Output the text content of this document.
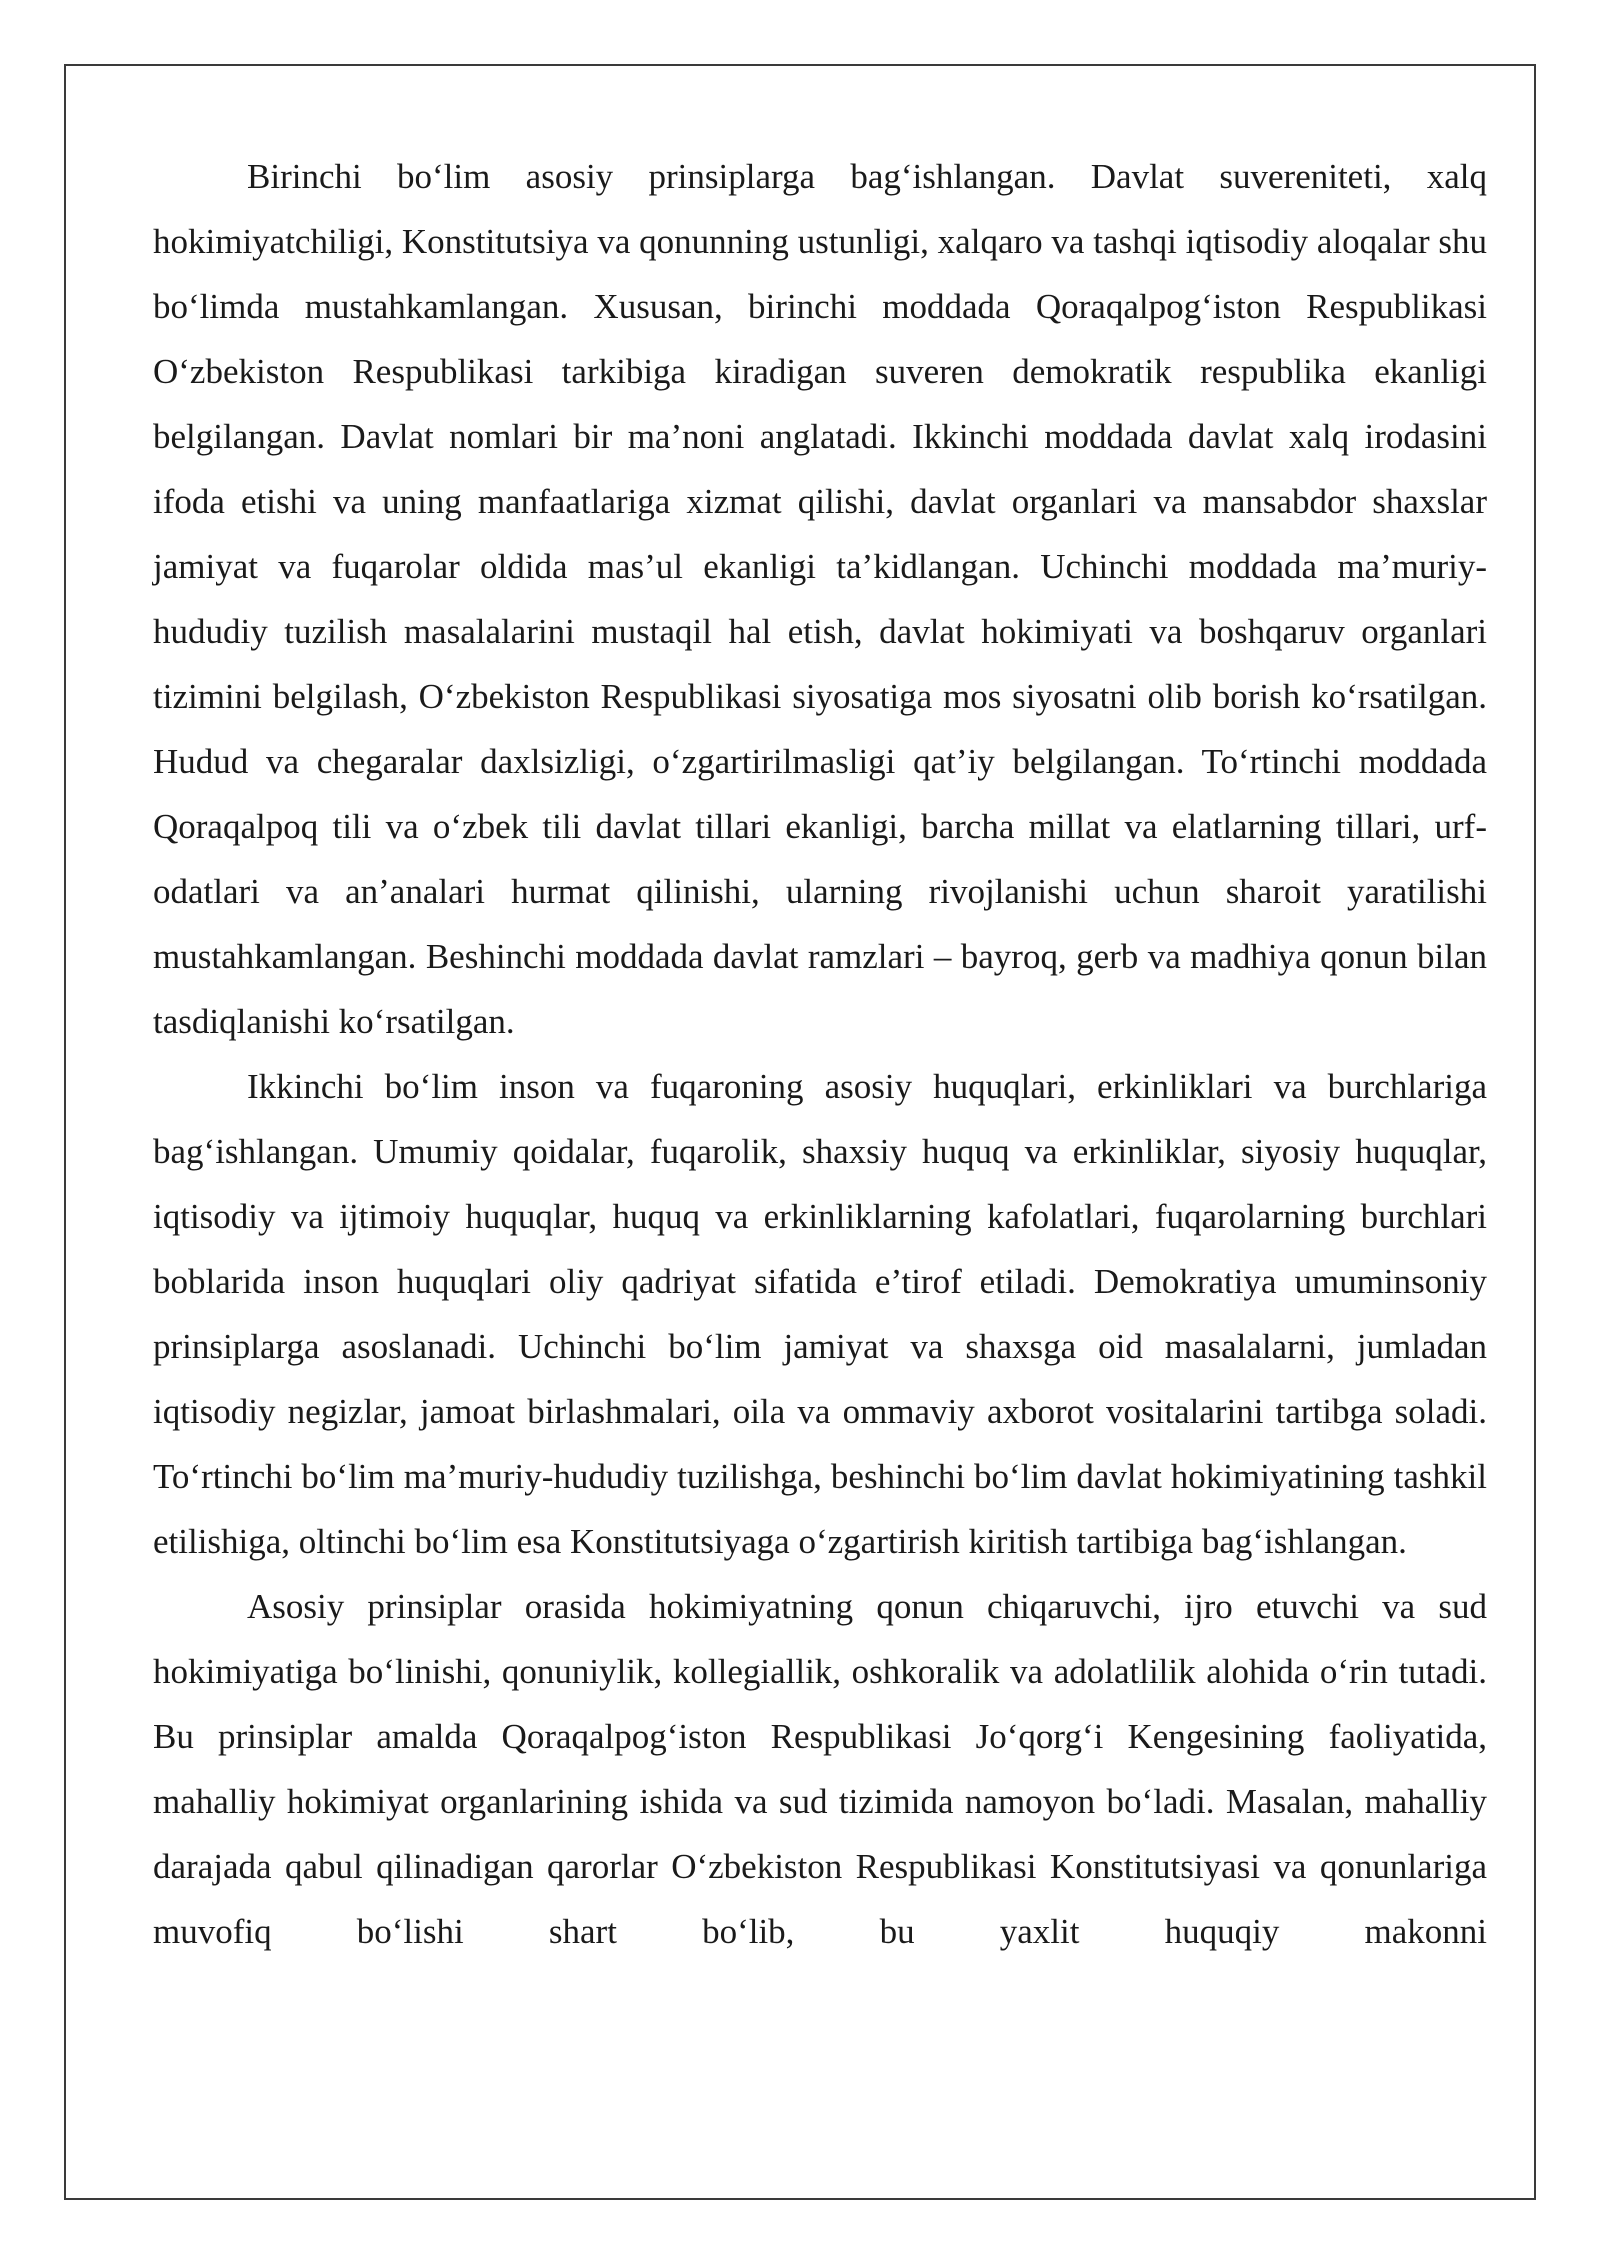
Birinchi bo‘lim asosiy prinsiplarga bag‘ishlangan. Davlat suvereniteti, xalq hokimiyatchiligi, Konstitutsiya va qonunning ustunligi, xalqaro va tashqi iqtisodiy aloqalar shu bo‘limda mustahkamlangan. Xususan, birinchi moddada Qoraqalpog‘iston Respublikasi O‘zbekiston Respublikasi tarkibiga kiradigan suveren demokratik respublika ekanligi belgilangan. Davlat nomlari bir ma’noni anglatadi. Ikkinchi moddada davlat xalq irodasini ifoda etishi va uning manfaatlariga xizmat qilishi, davlat organlari va mansabdor shaxslar jamiyat va fuqarolar oldida mas’ul ekanligi ta’kidlangan. Uchinchi moddada ma’muriy-hududiy tuzilish masalalarini mustaqil hal etish, davlat hokimiyati va boshqaruv organlari tizimini belgilash, O‘zbekiston Respublikasi siyosatiga mos siyosatni olib borish ko‘rsatilgan. Hudud va chegaralar daxlsizligi, o‘zgartirilmasligi qat’iy belgilangan. To‘rtinchi moddada Qoraqalpoq tili va o‘zbek tili davlat tillari ekanligi, barcha millat va elatlarning tillari, urf-odatlari va an’analari hurmat qilinishi, ularning rivojlanishi uchun sharoit yaratilishi mustahkamlangan. Beshinchi moddada davlat ramzlari – bayroq, gerb va madhiya qonun bilan tasdiqlanishi ko‘rsatilgan.

Ikkinchi bo‘lim inson va fuqaroning asosiy huquqlari, erkinliklari va burchlariga bag‘ishlangan. Umumiy qoidalar, fuqarolik, shaxsiy huquq va erkinliklar, siyosiy huquqlar, iqtisodiy va ijtimoiy huquqlar, huquq va erkinliklarning kafolatlari, fuqarolarning burchlari boblarida inson huquqlari oliy qadriyat sifatida e’tirof etiladi. Demokratiya umuminsoniy prinsiplarga asoslanadi. Uchinchi bo‘lim jamiyat va shaxsga oid masalalarni, jumladan iqtisodiy negizlar, jamoat birlashmalari, oila va ommaviy axborot vositalarini tartibga soladi. To‘rtinchi bo‘lim ma’muriy-hududiy tuzilishga, beshinchi bo‘lim davlat hokimiyatining tashkil etilishiga, oltinchi bo‘lim esa Konstitutsiyaga o‘zgartirish kiritish tartibiga bag‘ishlangan.

Asosiy prinsiplar orasida hokimiyatning qonun chiqaruvchi, ijro etuvchi va sud hokimiyatiga bo‘linishi, qonuniylik, kollegiallik, oshkoralik va adolatlilik alohida o‘rin tutadi. Bu prinsiplar amalda Qoraqalpog‘iston Respublikasi Jo‘qorg‘i Kengesining faoliyatida, mahalliy hokimiyat organlarining ishida va sud tizimida namoyon bo‘ladi. Masalan, mahalliy darajada qabul qilinadigan qarorlar O‘zbekiston Respublikasi Konstitutsiyasi va qonunlariga muvofiq bo‘lishi shart bo‘lib, bu yaxlit huquqiy makonni
